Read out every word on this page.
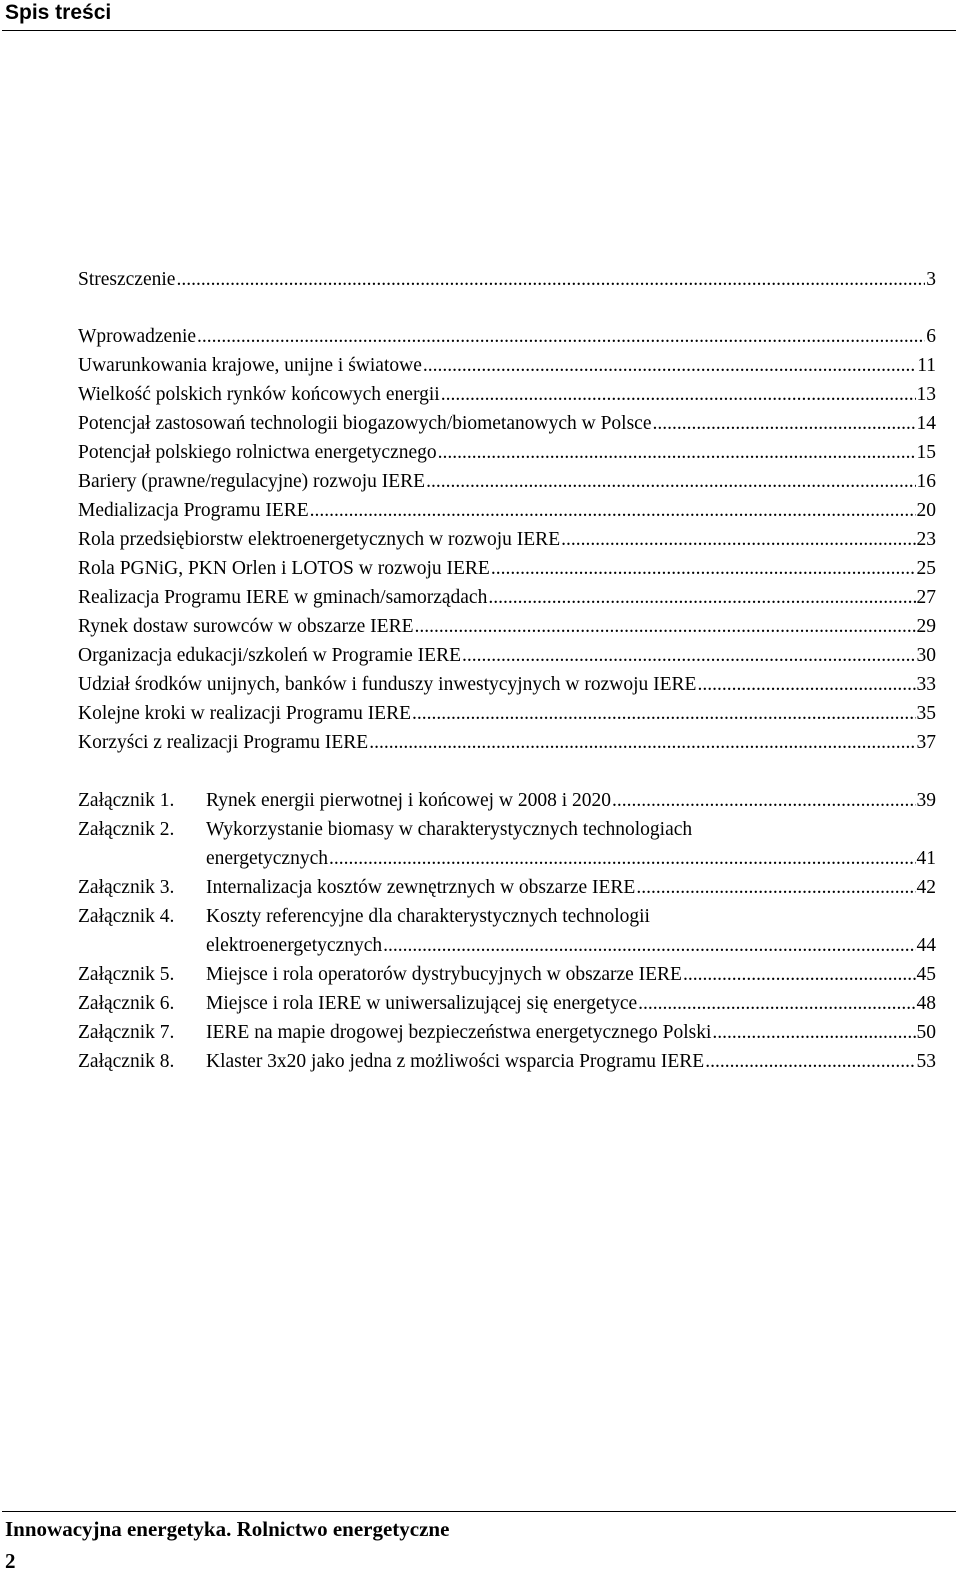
Spis treści
Streszczenie .....	3
Wprowadzenie .....	6
Uwarunkowania krajowe, unijne i światowe .....	11
Wielkość polskich rynków końcowych energii .....	13
Potencjał zastosowań technologii biogazowych/biometanowych w Polsce .....	14
Potencjał polskiego rolnictwa energetycznego .....	15
Bariery (prawne/regulacyjne) rozwoju IERE .....	16
Medializacja Programu IERE .....	20
Rola przedsiębiorstw elektroenergetycznych w rozwoju IERE .....	23
Rola PGNiG, PKN Orlen i LOTOS w rozwoju IERE .....	25
Realizacja Programu IERE w gminach/samorządach .....	27
Rynek dostaw surowców w obszarze IERE .....	29
Organizacja edukacji/szkoleń w Programie IERE .....	30
Udział środków unijnych, banków i funduszy inwestycyjnych w rozwoju IERE .....	33
Kolejne kroki w realizacji Programu IERE .....	35
Korzyści z realizacji Programu IERE .....	37
Załącznik 1. Rynek energii pierwotnej i końcowej w 2008 i 2020 .....	39
Załącznik 2. Wykorzystanie biomasy w charakterystycznych technologiach
energetycznych .....	41
Załącznik 3. Internalizacja kosztów zewnętrznych w obszarze IERE .....	42
Załącznik 4. Koszty referencyjne dla charakterystycznych technologii
elektroenergetycznych .....	44
Załącznik 5. Miejsce i rola operatorów dystrybucyjnych w obszarze IERE .....	45
Załącznik 6. Miejsce i rola IERE w uniwersalizującej się energetyce .....	48
Załącznik 7. IERE na mapie drogowej bezpieczeństwa energetycznego Polski .....	50
Załącznik 8. Klaster 3x20 jako jedna z możliwości wsparcia Programu IERE .....	53
Innowacyjna energetyka. Rolnictwo energetyczne
2
